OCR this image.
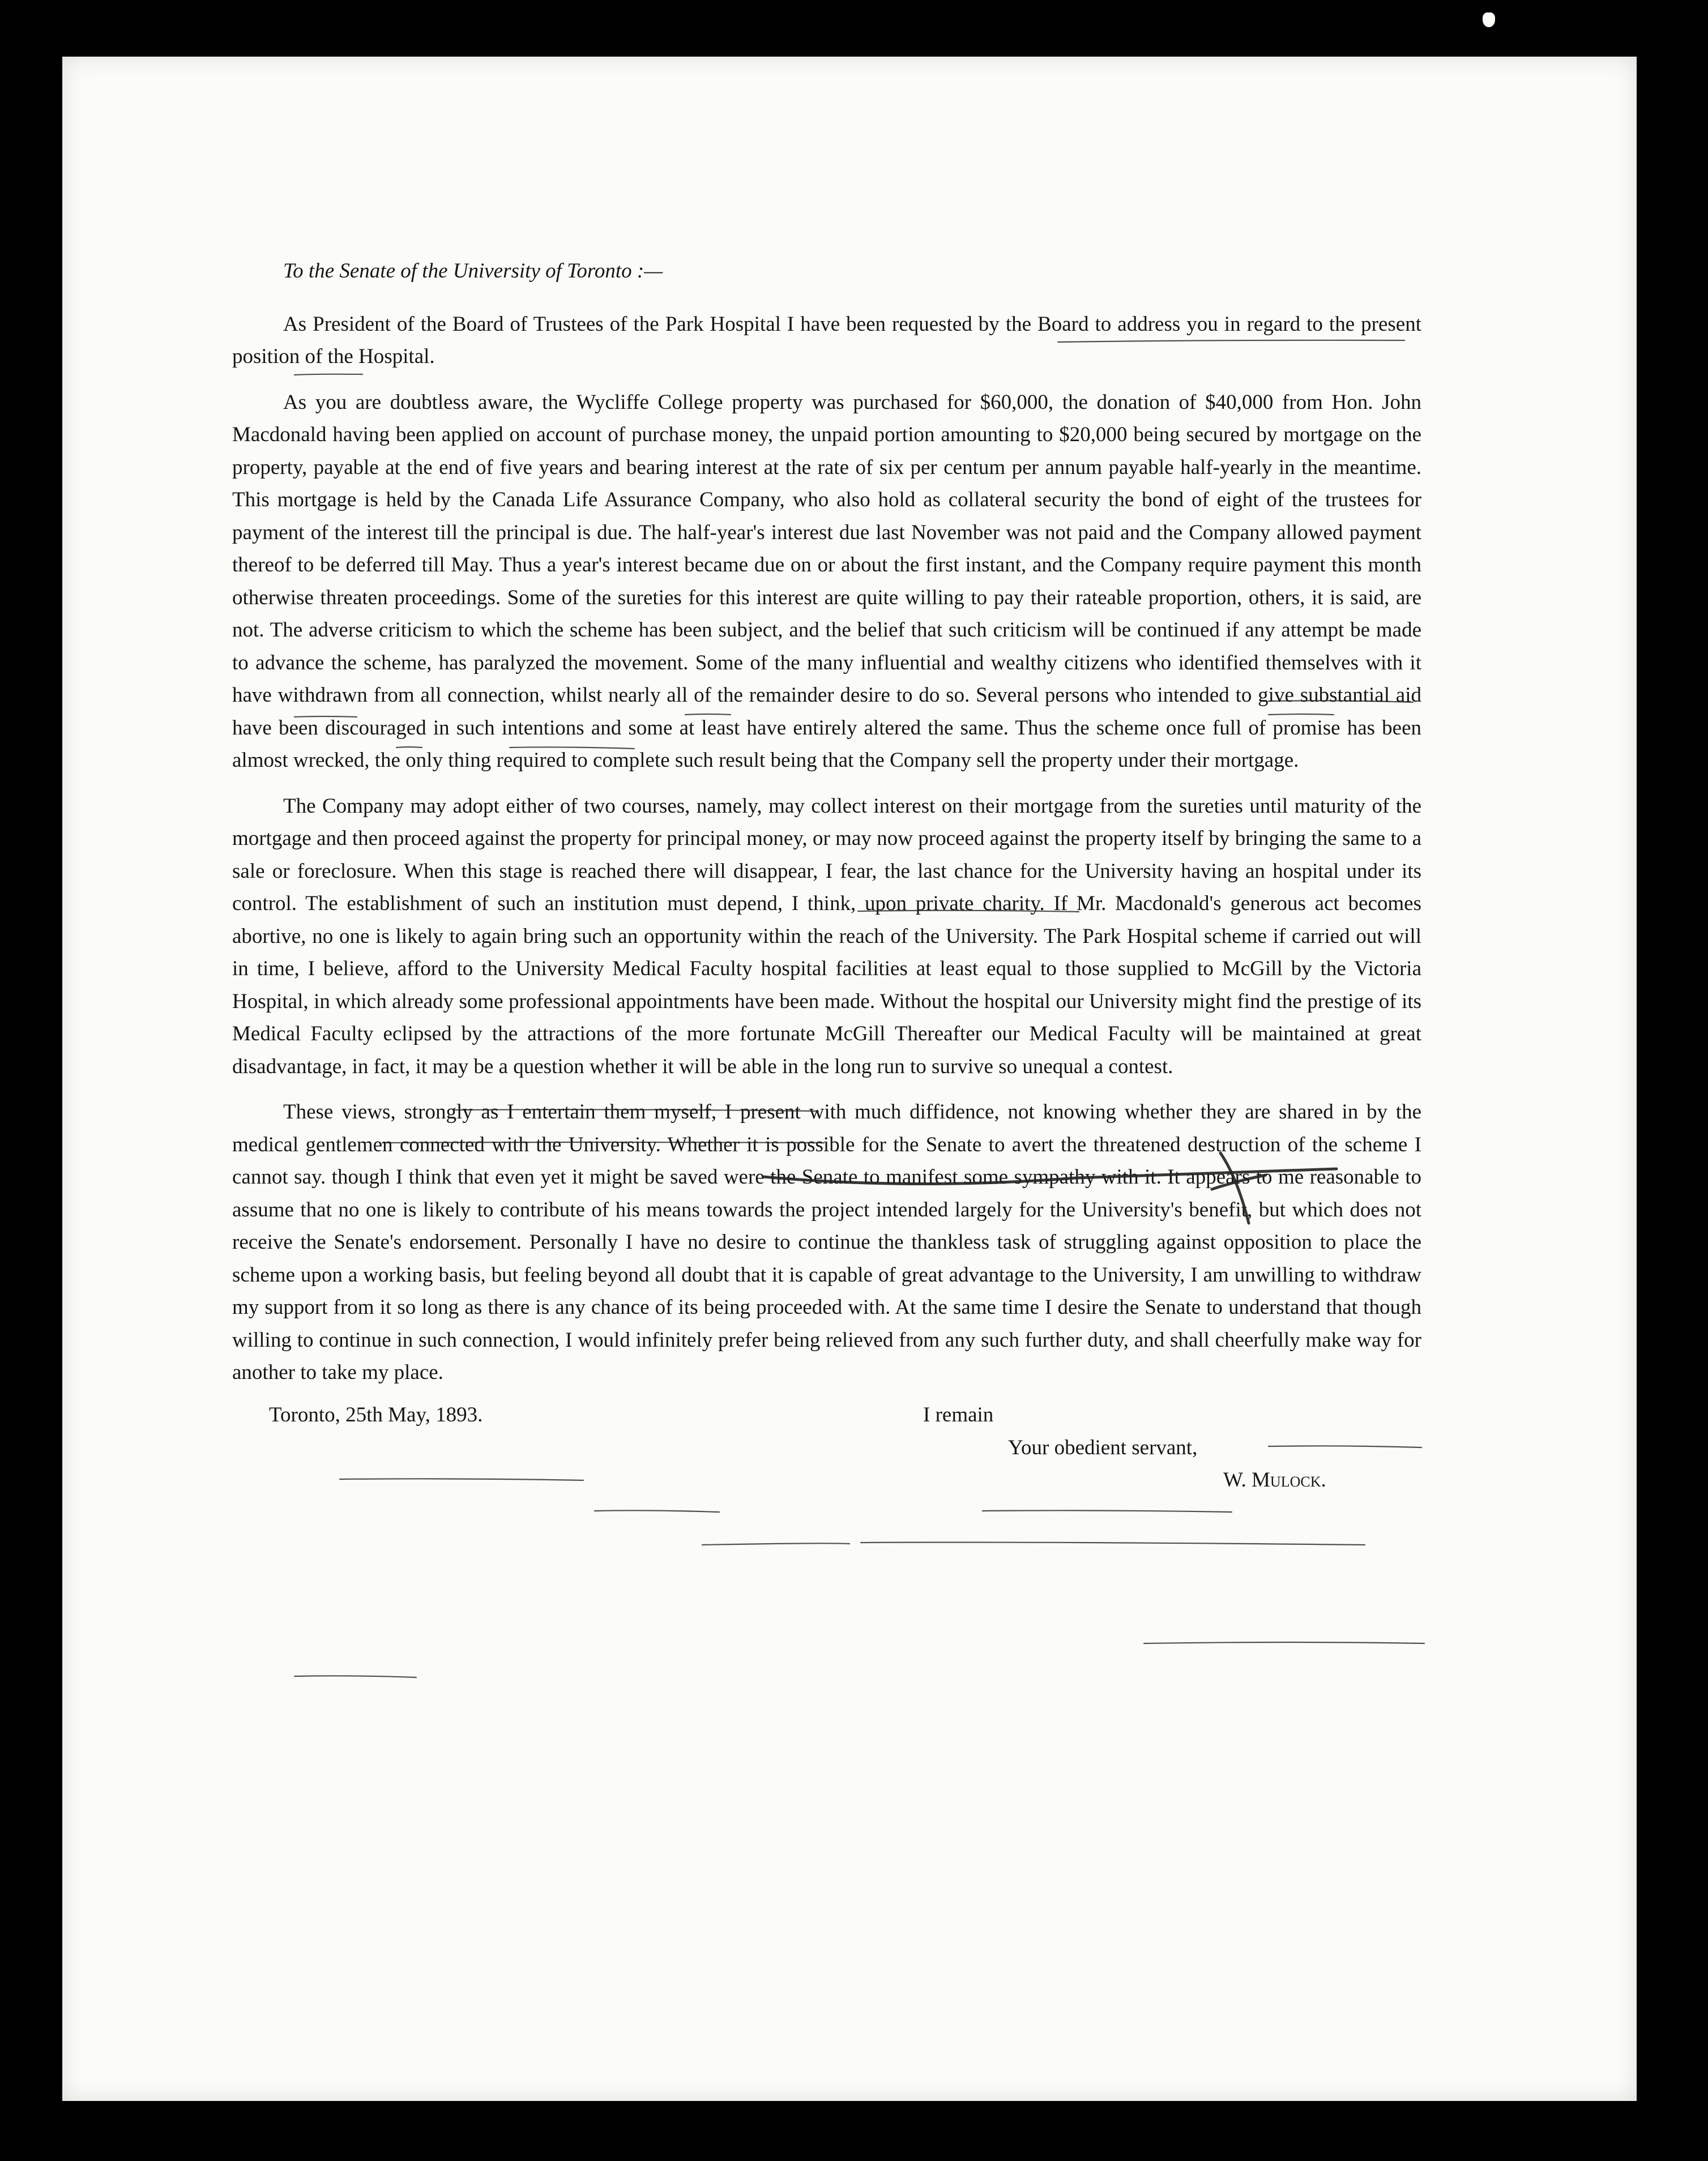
To the Senate of the University of Toronto :—

As President of the Board of Trustees of the Park Hospital I have been requested by the Board to address you in regard to the present position of the Hospital.

As you are doubtless aware, the Wycliffe College property was purchased for $60,000, the donation of $40,000 from Hon. John Macdonald having been applied on account of purchase money, the unpaid portion amounting to $20,000 being secured by mortgage on the property, payable at the end of five years and bearing interest at the rate of six per centum per annum payable half-yearly in the meantime. This mortgage is held by the Canada Life Assurance Company, who also hold as collateral security the bond of eight of the trustees for payment of the interest till the principal is due. The half-year's interest due last November was not paid and the Company allowed payment thereof to be deferred till May. Thus a year's interest became due on or about the first instant, and the Company require payment this month otherwise threaten proceedings. Some of the sureties for this interest are quite willing to pay their rateable proportion, others, it is said, are not. The adverse criticism to which the scheme has been subject, and the belief that such criticism will be continued if any attempt be made to advance the scheme, has paralyzed the movement. Some of the many influential and wealthy citizens who identified themselves with it have withdrawn from all connection, whilst nearly all of the remainder desire to do so. Several persons who intended to give substantial aid have been discouraged in such intentions and some at least have entirely altered the same. Thus the scheme once full of promise has been almost wrecked, the only thing required to complete such result being that the Company sell the property under their mortgage.

The Company may adopt either of two courses, namely, may collect interest on their mortgage from the sureties until maturity of the mortgage and then proceed against the property for principal money, or may now proceed against the property itself by bringing the same to a sale or foreclosure. When this stage is reached there will disappear, I fear, the last chance for the University having an hospital under its control. The establishment of such an institution must depend, I think, upon private charity. If Mr. Macdonald's generous act becomes abortive, no one is likely to again bring such an opportunity within the reach of the University. The Park Hospital scheme if carried out will in time, I believe, afford to the University Medical Faculty hospital facilities at least equal to those supplied to McGill by the Victoria Hospital, in which already some professional appointments have been made. Without the hospital our University might find the prestige of its Medical Faculty eclipsed by the attractions of the more fortunate McGill Thereafter our Medical Faculty will be maintained at great disadvantage, in fact, it may be a question whether it will be able in the long run to survive so unequal a contest.

These views, strongly as I entertain them myself, I present with much diffidence, not knowing whether they are shared in by the medical gentlemen connected with the University. Whether it is possible for the Senate to avert the threatened destruction of the scheme I cannot say. though I think that even yet it might be saved were the Senate to manifest some sympathy with it. It appears to me reasonable to assume that no one is likely to contribute of his means towards the project intended largely for the University's benefit, but which does not receive the Senate's endorsement. Personally I have no desire to continue the thankless task of struggling against opposition to place the scheme upon a working basis, but feeling beyond all doubt that it is capable of great advantage to the University, I am unwilling to withdraw my support from it so long as there is any chance of its being proceeded with. At the same time I desire the Senate to understand that though willing to continue in such connection, I would infinitely prefer being relieved from any such further duty, and shall cheerfully make way for another to take my place.

Toronto, 25th May, 1893.	I remain
Your obedient servant,
W. Mulock.
